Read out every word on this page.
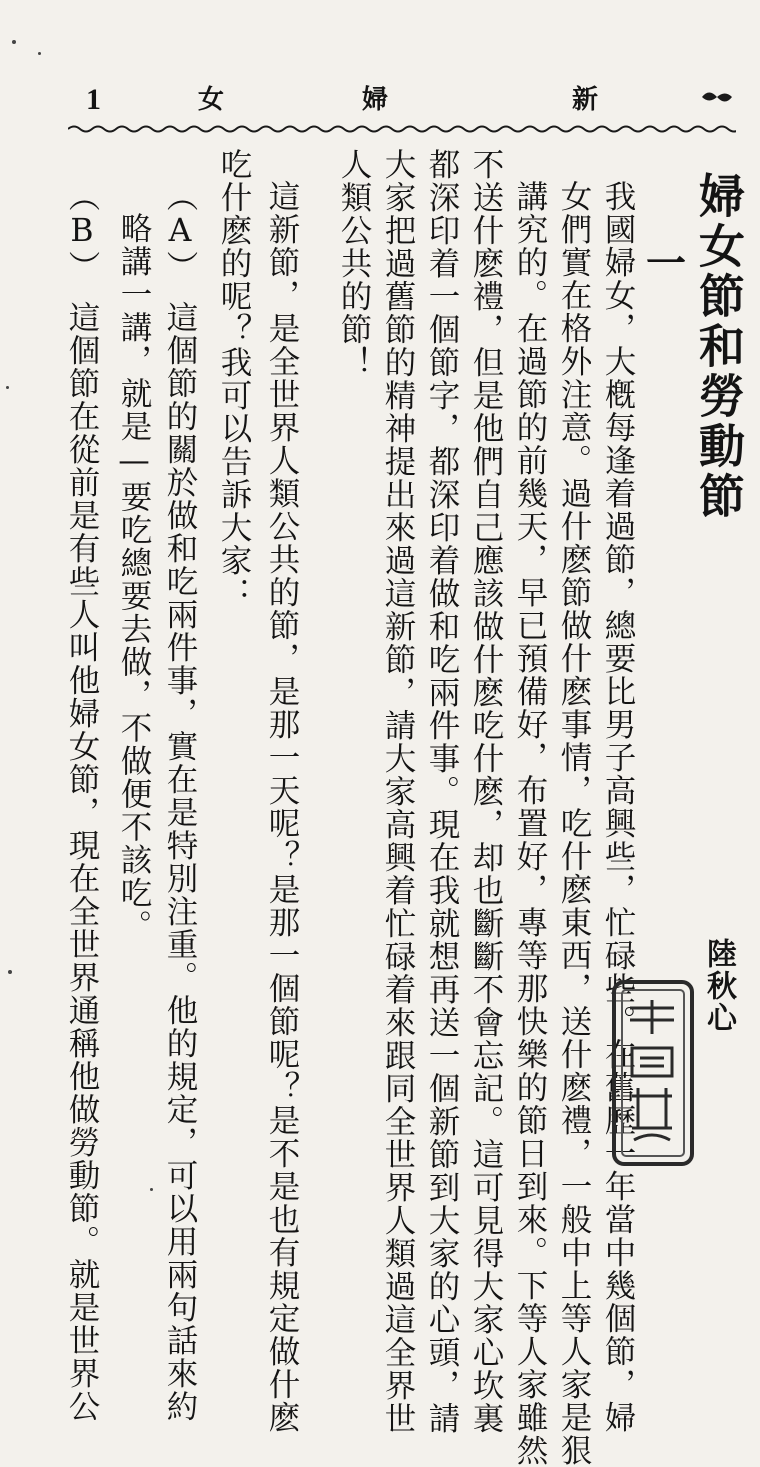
1	女	婦	新
婦女節和勞動節
一
我國婦女，大槪每逢着過節，總要比男子高興些，忙碌些。在舊歷一年當中幾個節，婦
女們實在格外注意。過什麽節做什麽事情，吃什麽東西，送什麽禮，一般中上等人家是狠
講究的。在過節的前幾天，早已預備好，布置好，專等那快樂的節日到來。下等人家雖然
不送什麽禮，但是他們自己應該做什麽吃什麽，却也斷斷不會忘記。這可見得大家心坎裏
都深印着一個節字，都深印着做和吃兩件事。現在我就想再送一個新節到大家的心頭，請
大家把過舊節的精神提出來過這新節，請大家高興着忙碌着來跟同全世界人類過這全界世
人類公共的節！
這新節，是全世界人類公共的節，是那一天呢？是那一個節呢？是不是也有規定做什麽
吃什麽的呢？我可以告訴大家：
（A）　這個節的關於做和吃兩件事，實在是特別注重。他的規定，可以用兩句話來約
略講一講，就是—要吃總要去做，不做便不該吃。
（B）　這個節在從前是有些人叫他婦女節，現在全世界通稱他做勞動節。就是世界公	陸秋心
